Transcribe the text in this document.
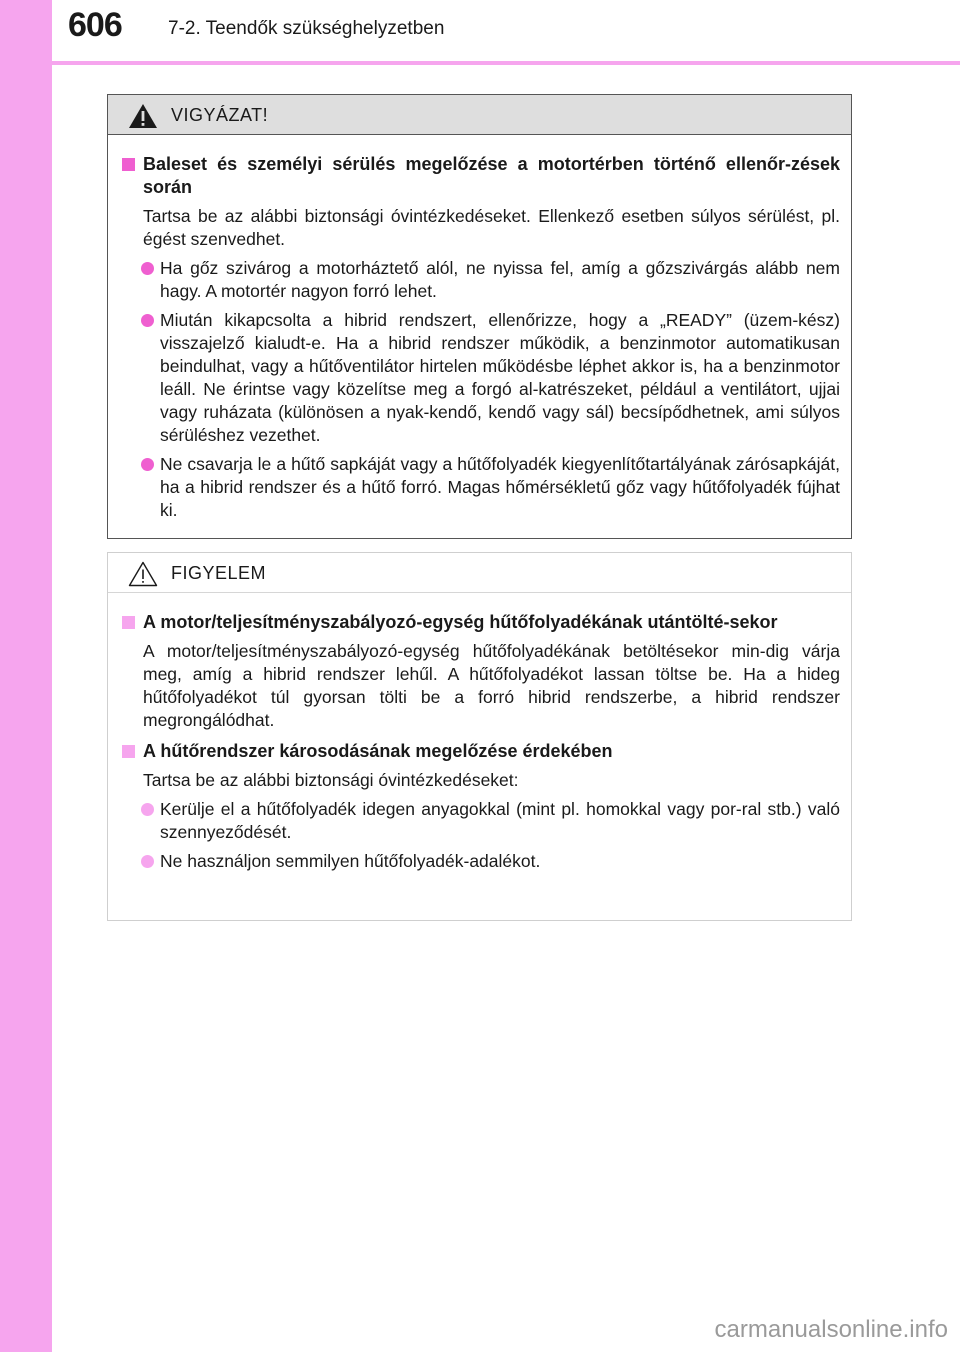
606 7-2. Teendők szükséghelyzetben
VIGYÁZAT!
Baleset és személyi sérülés megelőzése a motortérben történő ellenőr-zések során
Tartsa be az alábbi biztonsági óvintézkedéseket. Ellenkező esetben súlyos sérülést, pl. égést szenvedhet.
Ha gőz szivárog a motorháztető alól, ne nyissa fel, amíg a gőzszivárgás alább nem hagy. A motortér nagyon forró lehet.
Miután kikapcsolta a hibrid rendszert, ellenőrizze, hogy a „READY” (üzem-kész) visszajelző kialudt-e. Ha a hibrid rendszer működik, a benzinmotor automatikusan beindulhat, vagy a hűtőventilátor hirtelen működésbe léphet akkor is, ha a benzinmotor leáll. Ne érintse vagy közelítse meg a forgó al-katrészeket, például a ventilátort, ujjai vagy ruházata (különösen a nyak-kendő, kendő vagy sál) becsípődhetnek, ami súlyos sérüléshez vezethet.
Ne csavarja le a hűtő sapkáját vagy a hűtőfolyadék kiegyenlítőtartályának zárósapkáját, ha a hibrid rendszer és a hűtő forró. Magas hőmérsékletű gőz vagy hűtőfolyadék fújhat ki.
FIGYELEM
A motor/teljesítményszabályozó-egység hűtőfolyadékának utántölté-sekor
A motor/teljesítményszabályozó-egység hűtőfolyadékának betöltésekor min-dig várja meg, amíg a hibrid rendszer lehűl. A hűtőfolyadékot lassan töltse be. Ha a hideg hűtőfolyadékot túl gyorsan tölti be a forró hibrid rendszerbe, a hibrid rendszer megrongálódhat.
A hűtőrendszer károsodásának megelőzése érdekében
Tartsa be az alábbi biztonsági óvintézkedéseket:
Kerülje el a hűtőfolyadék idegen anyagokkal (mint pl. homokkal vagy por-ral stb.) való szennyeződését.
Ne használjon semmilyen hűtőfolyadék-adalékot.
carmanualsonline.info
